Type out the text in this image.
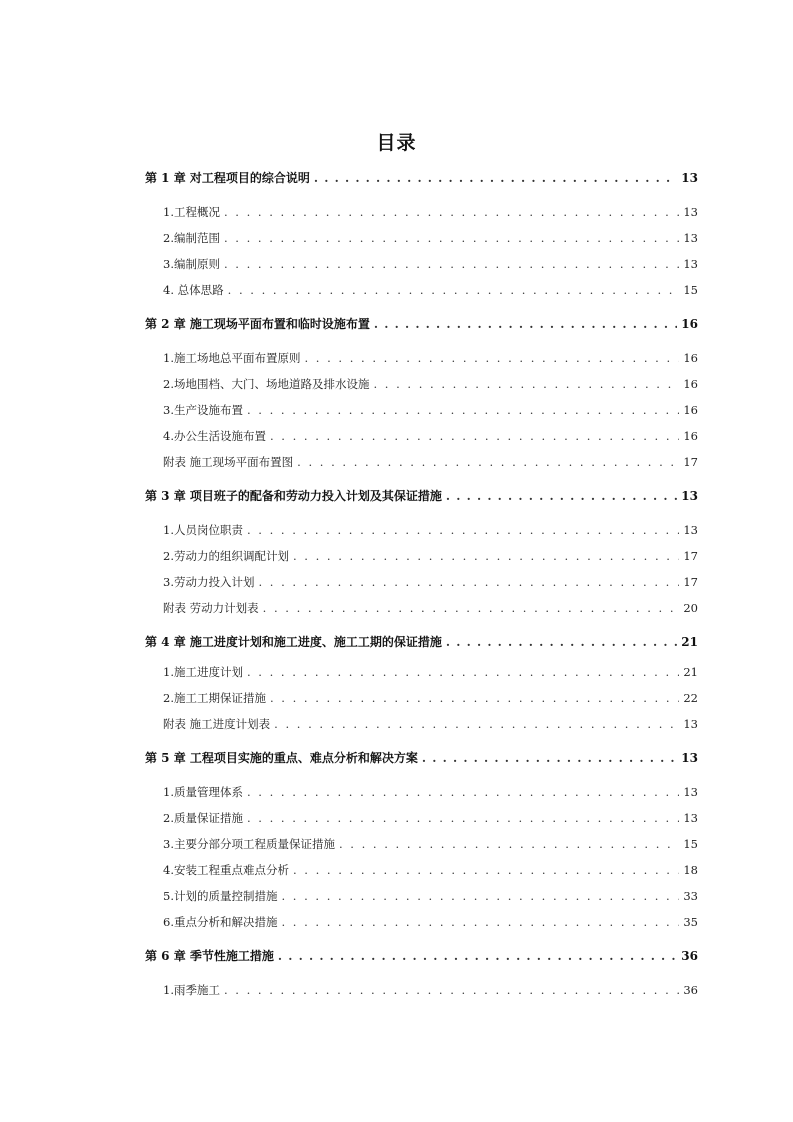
目录
第 1 章 对工程项目的综合说明 . . .	13
1.工程概况 . . .	13
2.编制范围 . . .	13
3.编制原则 . . .	13
4. 总体思路 . . .	15
第 2 章 施工现场平面布置和临时设施布置 . . .	16
1.施工场地总平面布置原则 . . .	16
2.场地围档、大门、场地道路及排水设施 . . .	16
3.生产设施布置 . . .	16
4.办公生活设施布置 . . .	16
附表 施工现场平面布置图 . . .	17
第 3 章 项目班子的配备和劳动力投入计划及其保证措施 . . .	13
1.人员岗位职责 . . .	13
2.劳动力的组织调配计划 . . .	17
3.劳动力投入计划 . . .	17
附表 劳动力计划表 . . .	20
第 4 章 施工进度计划和施工进度、施工工期的保证措施 . . .	21
1.施工进度计划 . . .	21
2.施工工期保证措施 . . .	22
附表 施工进度计划表 . . .	13
第 5 章 工程项目实施的重点、难点分析和解决方案 . . .	13
1.质量管理体系 . . .	13
2.质量保证措施 . . .	13
3.主要分部分项工程质量保证措施 . . .	15
4.安装工程重点难点分析 . . .	18
5.计划的质量控制措施 . . .	33
6.重点分析和解决措施 . . .	35
第 6 章 季节性施工措施 . . .	36
1.雨季施工 . . .	36
